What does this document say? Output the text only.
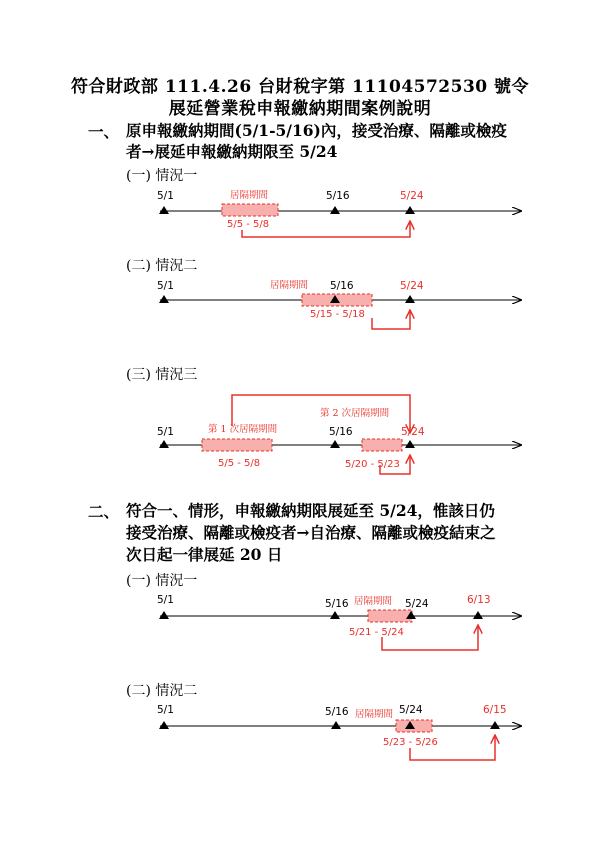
符合財政部 111.4.26 台財稅字第 11104572530 號令
展延營業稅申報繳納期間案例說明
一、 原申報繳納期間(5/1-5/16)內，接受治療、隔離或檢疫
者→展延申報繳納期限至 5/24
(一) 情況一
(二) 情況二
(三) 情況三
二、 符合一、情形，申報繳納期限展延至 5/24，惟該日仍
接受治療、隔離或檢疫者→自治療、隔離或檢疫結束之
次日起一律展延 20 日
(一) 情況一
(二) 情況二
5/1	5/16	5/24
居隔期間
5/5 - 5/8
5/1	5/16	5/24
居隔期間
5/15 - 5/18
5/1	5/16	5/24
第 1 次居隔期間
第 2 次居隔期間
5/5 - 5/8	5/20 - 5/23
5/1	5/16	5/24	6/13
居隔期間
5/21 - 5/24
5/1	5/16	5/24	6/15
居隔期間
5/23 - 5/26
